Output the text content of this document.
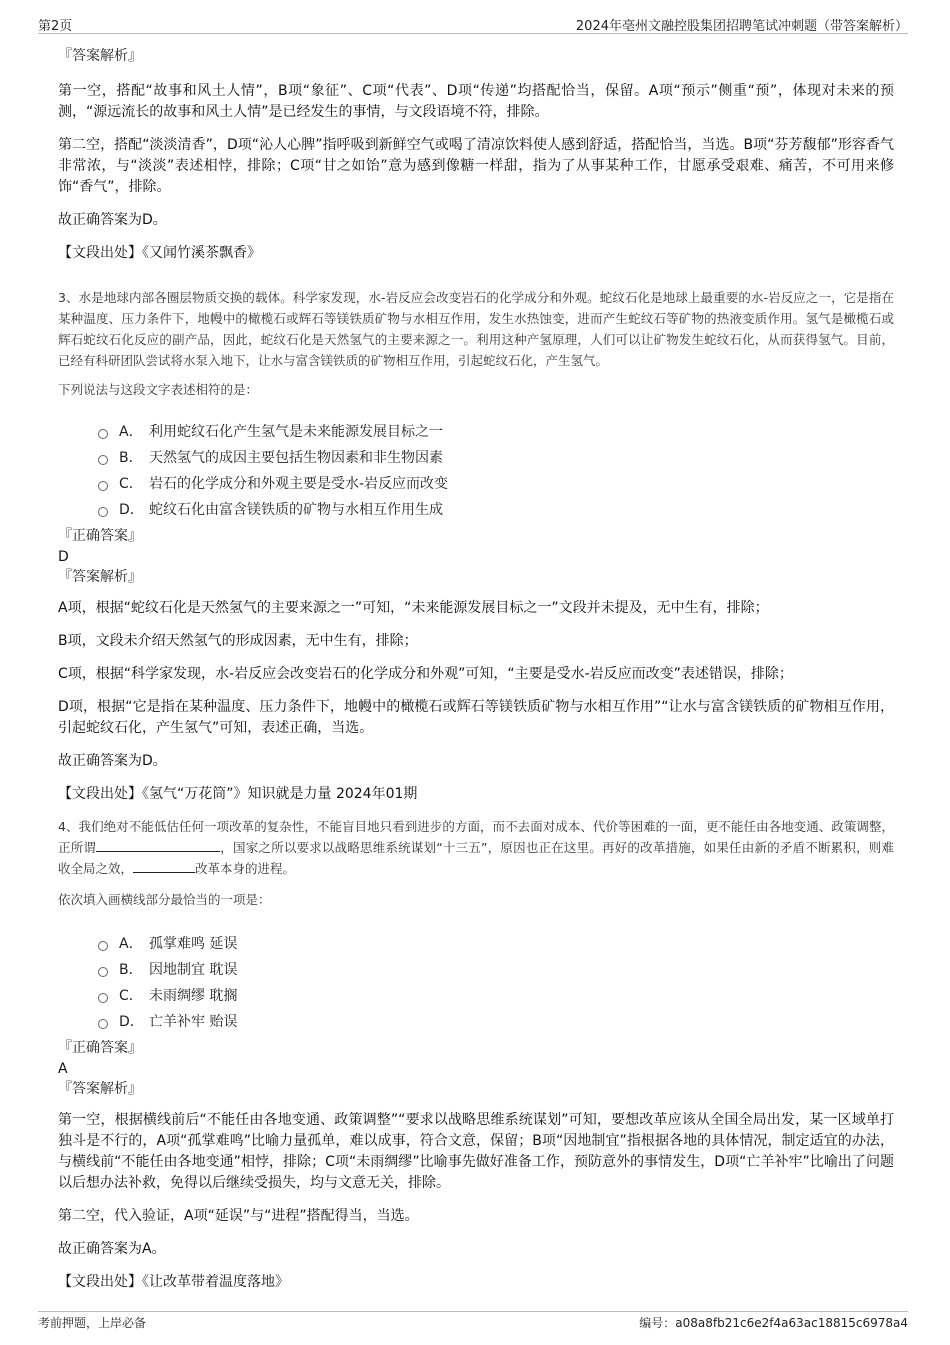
第2页	2024年亳州文融控股集团招聘笔试冲刺题（带答案解析）

『答案解析』

第一空，搭配“故事和风土人情”，B项“象征”、C项“代表”、D项“传递”均搭配恰当，保留。A项“预示”侧重“预”，体现对未来的预测，“源远流长的故事和风土人情”是已经发生的事情，与文段语境不符，排除。

第二空，搭配“淡淡清香”，D项“沁人心脾”指呼吸到新鲜空气或喝了清凉饮料使人感到舒适，搭配恰当，当选。B项“芬芳馥郁”形容香气非常浓，与“淡淡”表述相悖，排除；C项“甘之如饴”意为感到像糖一样甜，指为了从事某种工作，甘愿承受艰难、痛苦，不可用来修饰“香气”，排除。

故正确答案为D。

【文段出处】《又闻竹溪茶飘香》

3、水是地球内部各圈层物质交换的载体。科学家发现，水-岩反应会改变岩石的化学成分和外观。蛇纹石化是地球上最重要的水-岩反应之一，它是指在某种温度、压力条件下，地幔中的橄榄石或辉石等镁铁质矿物与水相互作用，发生水热蚀变，进而产生蛇纹石等矿物的热液变质作用。氢气是橄榄石或辉石蛇纹石化反应的副产品，因此，蛇纹石化是天然氢气的主要来源之一。利用这种产氢原理，人们可以让矿物发生蛇纹石化，从而获得氢气。目前，已经有科研团队尝试将水泵入地下，让水与富含镁铁质的矿物相互作用，引起蛇纹石化，产生氢气。

下列说法与这段文字表述相符的是：

A． 利用蛇纹石化产生氢气是未来能源发展目标之一
B． 天然氢气的成因主要包括生物因素和非生物因素
C． 岩石的化学成分和外观主要是受水-岩反应而改变
D． 蛇纹石化由富含镁铁质的矿物与水相互作用生成

『正确答案』

D

『答案解析』

A项，根据“蛇纹石化是天然氢气的主要来源之一”可知，“未来能源发展目标之一”文段并未提及，无中生有，排除；

B项，文段未介绍天然氢气的形成因素，无中生有，排除；

C项，根据“科学家发现，水-岩反应会改变岩石的化学成分和外观”可知，“主要是受水-岩反应而改变”表述错误，排除；

D项，根据“它是指在某种温度、压力条件下，地幔中的橄榄石或辉石等镁铁质矿物与水相互作用”“让水与富含镁铁质的矿物相互作用，引起蛇纹石化，产生氢气”可知，表述正确，当选。

故正确答案为D。

【文段出处】《氢气“万花筒”》知识就是力量 2024年01期

4、我们绝对不能低估任何一项改革的复杂性，不能盲目地只看到进步的方面，而不去面对成本、代价等困难的一面，更不能任由各地变通、政策调整，正所谓	，国家之所以要求以战略思维系统谋划“十三五”，原因也正在这里。再好的改革措施，如果任由新的矛盾不断累积，则难收全局之效，	改革本身的进程。

依次填入画横线部分最恰当的一项是：

A． 孤掌难鸣 延误
B． 因地制宜 耽误
C． 未雨绸缪 耽搁
D． 亡羊补牢 贻误

『正确答案』

A

『答案解析』

第一空，根据横线前后“不能任由各地变通、政策调整”“要求以战略思维系统谋划”可知，要想改革应该从全国全局出发，某一区域单打独斗是不行的，A项“孤掌难鸣”比喻力量孤单，难以成事，符合文意，保留；B项“因地制宜”指根据各地的具体情况，制定适宜的办法，与横线前“不能任由各地变通”相悖，排除；C项“未雨绸缪”比喻事先做好准备工作，预防意外的事情发生，D项“亡羊补牢”比喻出了问题以后想办法补救，免得以后继续受损失，均与文意无关，排除。

第二空，代入验证，A项“延误”与“进程”搭配得当，当选。

故正确答案为A。

【文段出处】《让改革带着温度落地》

考前押题，上岸必备	编号：a08a8fb21c6e2f4a63ac18815c6978a4
